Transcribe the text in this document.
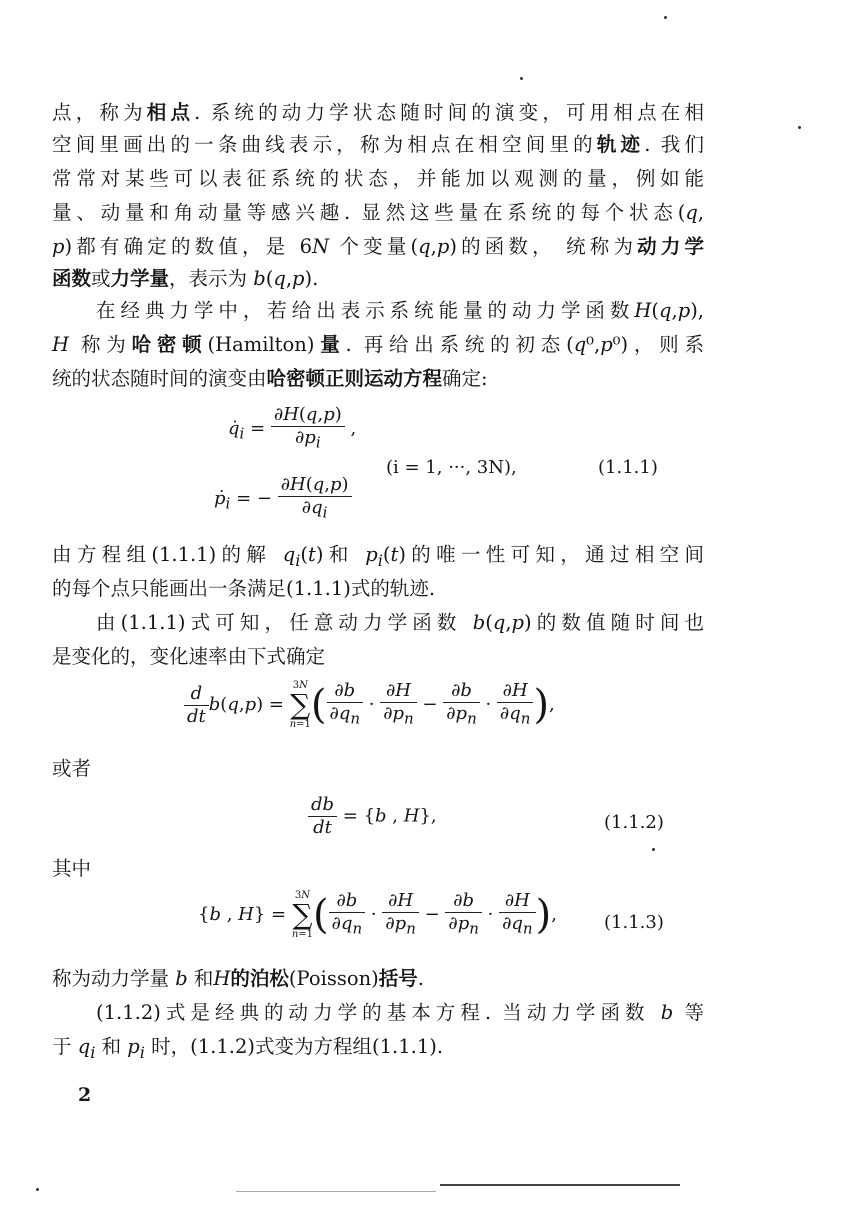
点，称为相点. 系统的动力学状态随时间的演变，可用相点在相
空间里画出的一条曲线表示，称为相点在相空间里的轨迹. 我们
常常对某些可以表征系统的状态，并能加以观测的量，例如能
量、动量和角动量等感兴趣. 显然这些量在系统的每个状态(q,
p)都有确定的数值，是 6N 个变量(q,p)的函数， 统称为动力学
函数或力学量，表示为 b(q,p).
在经典力学中，若给出表示系统能量的动力学函数H(q,p),
H 称为哈密顿(Hamilton)量. 再给出系统的初态(q⁰,p⁰)，则系
统的状态随时间的演变由哈密顿正则运动方程确定:
$q̇_i = \frac{\partial H(q,p)}{\partial p_i}$ ,
ṗ$_i$ = − $\frac{\partial H(q,p)}{\partial q_i}$
(i = 1, ···, 3N),	(1.1.1)
由方程组(1.1.1)的解 $q_i(t)$和 $p_i(t)$的唯一性可知，通过相空间
的每个点只能画出一条满足(1.1.1)式的轨迹.
由(1.1.1)式可知，任意动力学函数 b(q,p)的数值随时间也
是变化的，变化速率由下式确定
$\frac{d}{dt} b(q,p) = 3N$
∑
$n=1( \frac{\partial b}{\partial q_n} \cdot \frac{\partial H}{\partial p_n} - \frac{\partial b}{\partial p_n} \cdot \frac{\partial H}{\partial q_n}$ ),
或者
$\frac{db}{dt} = \{b$ , H},	(1.1.2)
其中
{b , H} = 3N
∑
$n=1( \frac{\partial b}{\partial q_n} \cdot \frac{\partial H}{\partial p_n} - \frac{\partial b}{\partial p_n} \cdot \frac{\partial H}{\partial q_n}$ ),	(1.1.3)
称为动力学量 b 和H的泊松(Poisson)括号.
(1.1.2)式是经典的动力学的基本方程. 当动力学函数 b 等
于 $q_i$ 和 $p_i$ 时，(1.1.2)式变为方程组(1.1.1).
2
